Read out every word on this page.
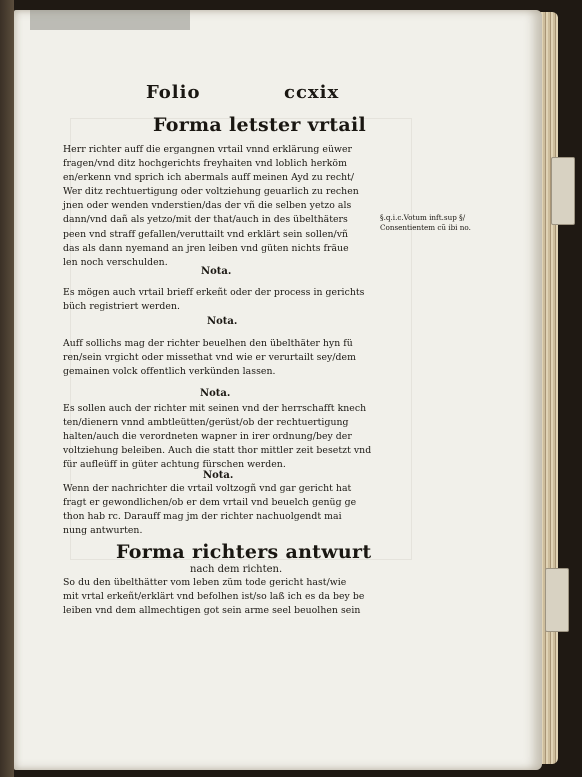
Folio	ccxix
Forma letster vrtail
Herr richter auff die ergangnen vrtail vnnd erklärung eüwer
fragen/vnd ditz hochgerichts freyhaiten vnd loblich herköm
en/erkenn vnd sprich ich abermals auff meinen Ayd zu recht/
Wer ditz rechtuertigung oder voltziehung geuarlich zu rechen
jnen oder wenden vnderstien/das der vñ die selben yetzo als
dann/vnd dañ als yetzo/mit der that/auch in des übelthäters
peen vnd straff gefallen/veruttailt vnd erklärt sein sollen/vñ
das als dann nyemand an jren leiben vnd güten nichts fräue
len noch verschulden.
§.q.i.c.Votum inft.sup §/
Consentientem cũ ibi no.
Nota.
Es mögen auch vrtail brieff erkeñt oder der process in gerichts
büch registriert werden.
Nota.
Auff sollichs mag der richter beuelhen den übelthäter hyn fü
ren/sein vrgicht oder missethat vnd wie er verurtailt sey/dem
gemainen volck offentlich verkünden lassen.
Nota.
Es sollen auch der richter mit seinen vnd der herrschafft knech
ten/dienern vnnd ambtleütten/gerüst/ob der rechtuertigung
halten/auch die verordneten wapner in irer ordnung/bey der
voltziehung beleiben. Auch die statt thor mittler zeit besetzt vnd
für aufleüff in güter achtung fürschen werden.
Nota.
Wenn der nachrichter die vrtail voltzogñ vnd gar gericht hat
fragt er gewondlichen/ob er dem vrtail vnd beuelch genüg ge
thon hab rc. Darauff mag jm der richter nachuolgendt mai
nung antwurten.
Forma richters antwurt
nach dem richten.
So du den übelthätter vom leben züm tode gericht hast/wie
mit vrtal erkeñt/erklärt vnd befolhen ist/so laß ich es da bey be
leiben vnd dem allmechtigen got sein arme seel beuolhen sein
